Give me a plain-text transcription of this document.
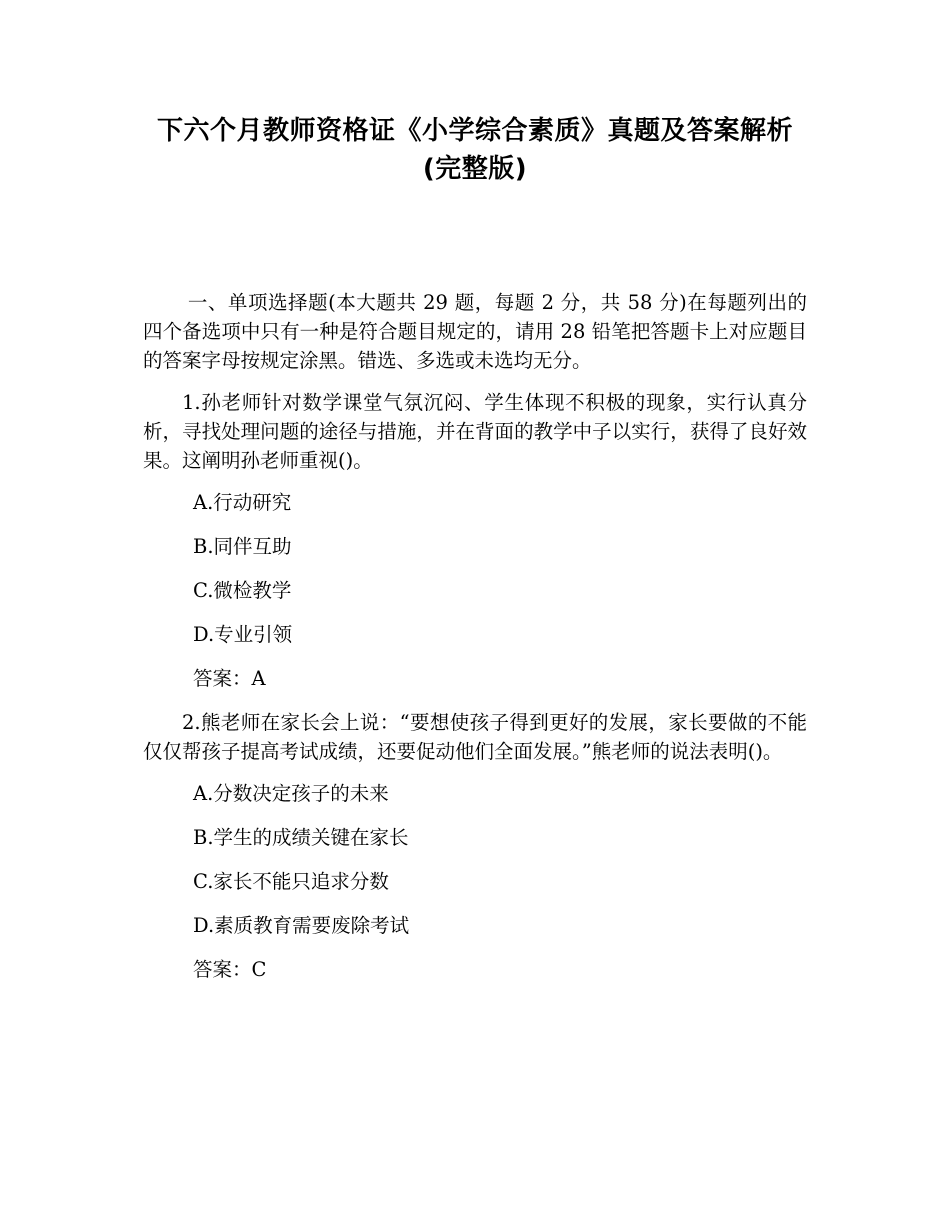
下六个月教师资格证《小学综合素质》真题及答案解析
(完整版)

一、单项选择题(本大题共 29 题，每题 2 分，共 58 分)在每题列出的四个备选项中只有一种是符合题目规定的，请用 28 铅笔把答题卡上对应题目的答案字母按规定涂黑。错选、多选或未选均无分。

1.孙老师针对数学课堂气氛沉闷、学生体现不积极的现象，实行认真分析，寻找处理问题的途径与措施，并在背面的教学中子以实行，获得了良好效果。这阐明孙老师重视()。

A.行动研究

B.同伴互助

C.微检教学

D.专业引领

答案：A

2.熊老师在家长会上说：“要想使孩子得到更好的发展，家长要做的不能仅仅帮孩子提高考试成绩，还要促动他们全面发展。”熊老师的说法表明()。

A.分数决定孩子的未来

B.学生的成绩关键在家长

C.家长不能只追求分数

D.素质教育需要废除考试

答案：C
